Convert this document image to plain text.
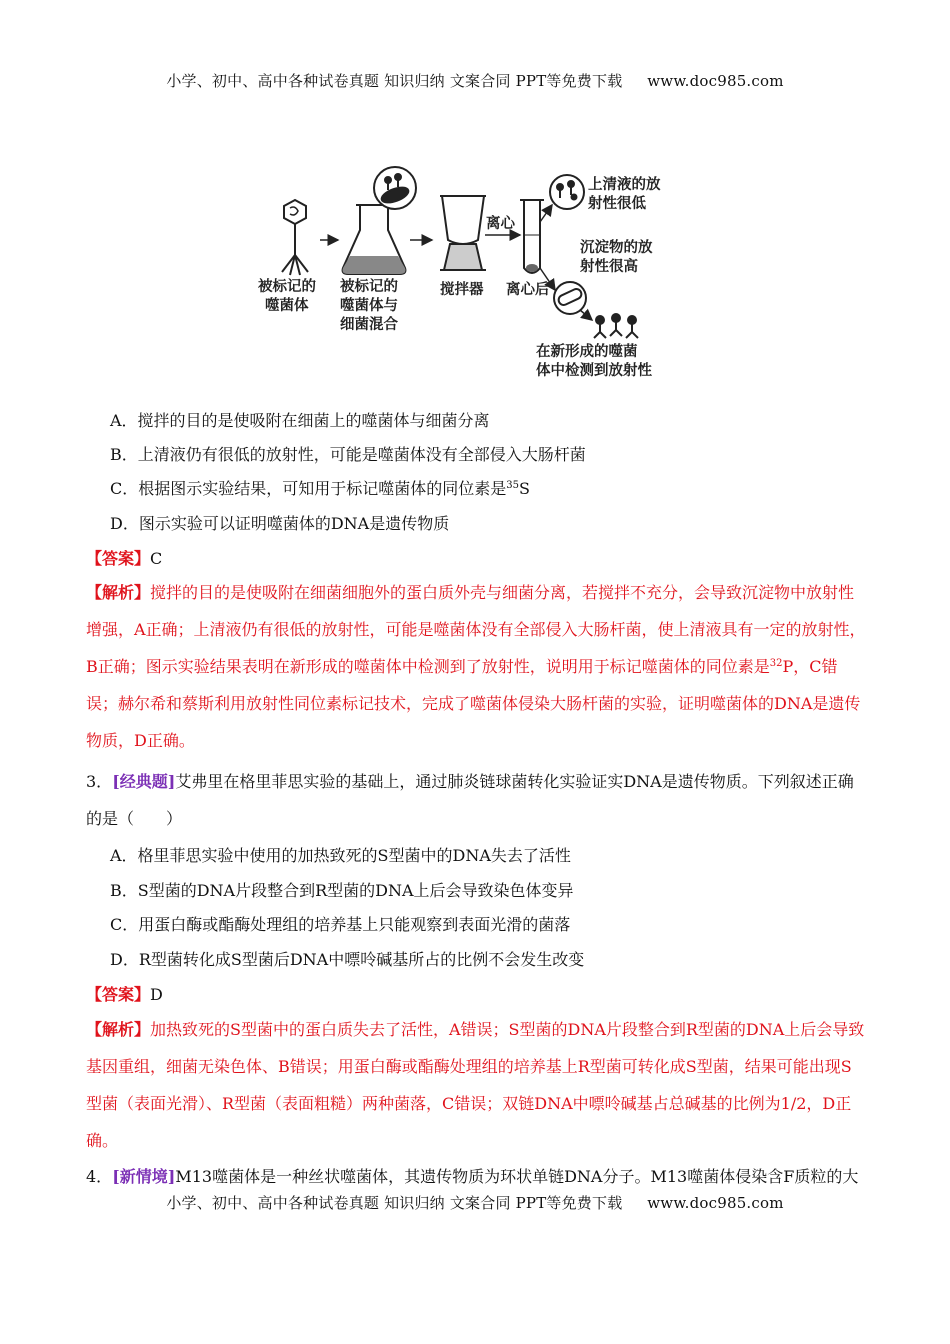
小学、初中、高中各种试卷真题 知识归纳 文案合同 PPT等免费下载 www.doc985.com
被标记的
噬菌体
被标记的
噬菌体与
细菌混合
搅拌器
离心
离心后
上清液的放
射性很低
沉淀物的放
射性很高
在新形成的噬菌
体中检测到放射性
A．搅拌的目的是使吸附在细菌上的噬菌体与细菌分离
B．上清液仍有很低的放射性，可能是噬菌体没有全部侵入大肠杆菌
C．根据图示实验结果，可知用于标记噬菌体的同位素是$^{35}$S
D．图示实验可以证明噬菌体的DNA是遗传物质
【答案】C
【解析】搅拌的目的是使吸附在细菌细胞外的蛋白质外壳与细菌分离，若搅拌不充分，会导致沉淀物中放射性增强，A正确；上清液仍有很低的放射性，可能是噬菌体没有全部侵入大肠杆菌，使上清液具有一定的放射性，B正确；图示实验结果表明在新形成的噬菌体中检测到了放射性，说明用于标记噬菌体的同位素是$^{32}$P，C错误；赫尔希和蔡斯利用放射性同位素标记技术，完成了噬菌体侵染大肠杆菌的实验，证明噬菌体的DNA是遗传物质，D正确。
3．[经典题]艾弗里在格里菲思实验的基础上，通过肺炎链球菌转化实验证实DNA是遗传物质。下列叙述正确的是（　　）
A．格里菲思实验中使用的加热致死的S型菌中的DNA失去了活性
B．S型菌的DNA片段整合到R型菌的DNA上后会导致染色体变异
C．用蛋白酶或酯酶处理组的培养基上只能观察到表面光滑的菌落
D．R型菌转化成S型菌后DNA中嘌呤碱基所占的比例不会发生改变
【答案】D
【解析】加热致死的S型菌中的蛋白质失去了活性，A错误；S型菌的DNA片段整合到R型菌的DNA上后会导致基因重组，细菌无染色体、B错误；用蛋白酶或酯酶处理组的培养基上R型菌可转化成S型菌，结果可能出现S型菌（表面光滑）、R型菌（表面粗糙）两种菌落，C错误；双链DNA中嘌呤碱基占总碱基的比例为1/2，D正确。
4．[新情境]M13噬菌体是一种丝状噬菌体，其遗传物质为环状单链DNA分子。M13噬菌体侵染含F质粒的大
小学、初中、高中各种试卷真题 知识归纳 文案合同 PPT等免费下载 www.doc985.com
